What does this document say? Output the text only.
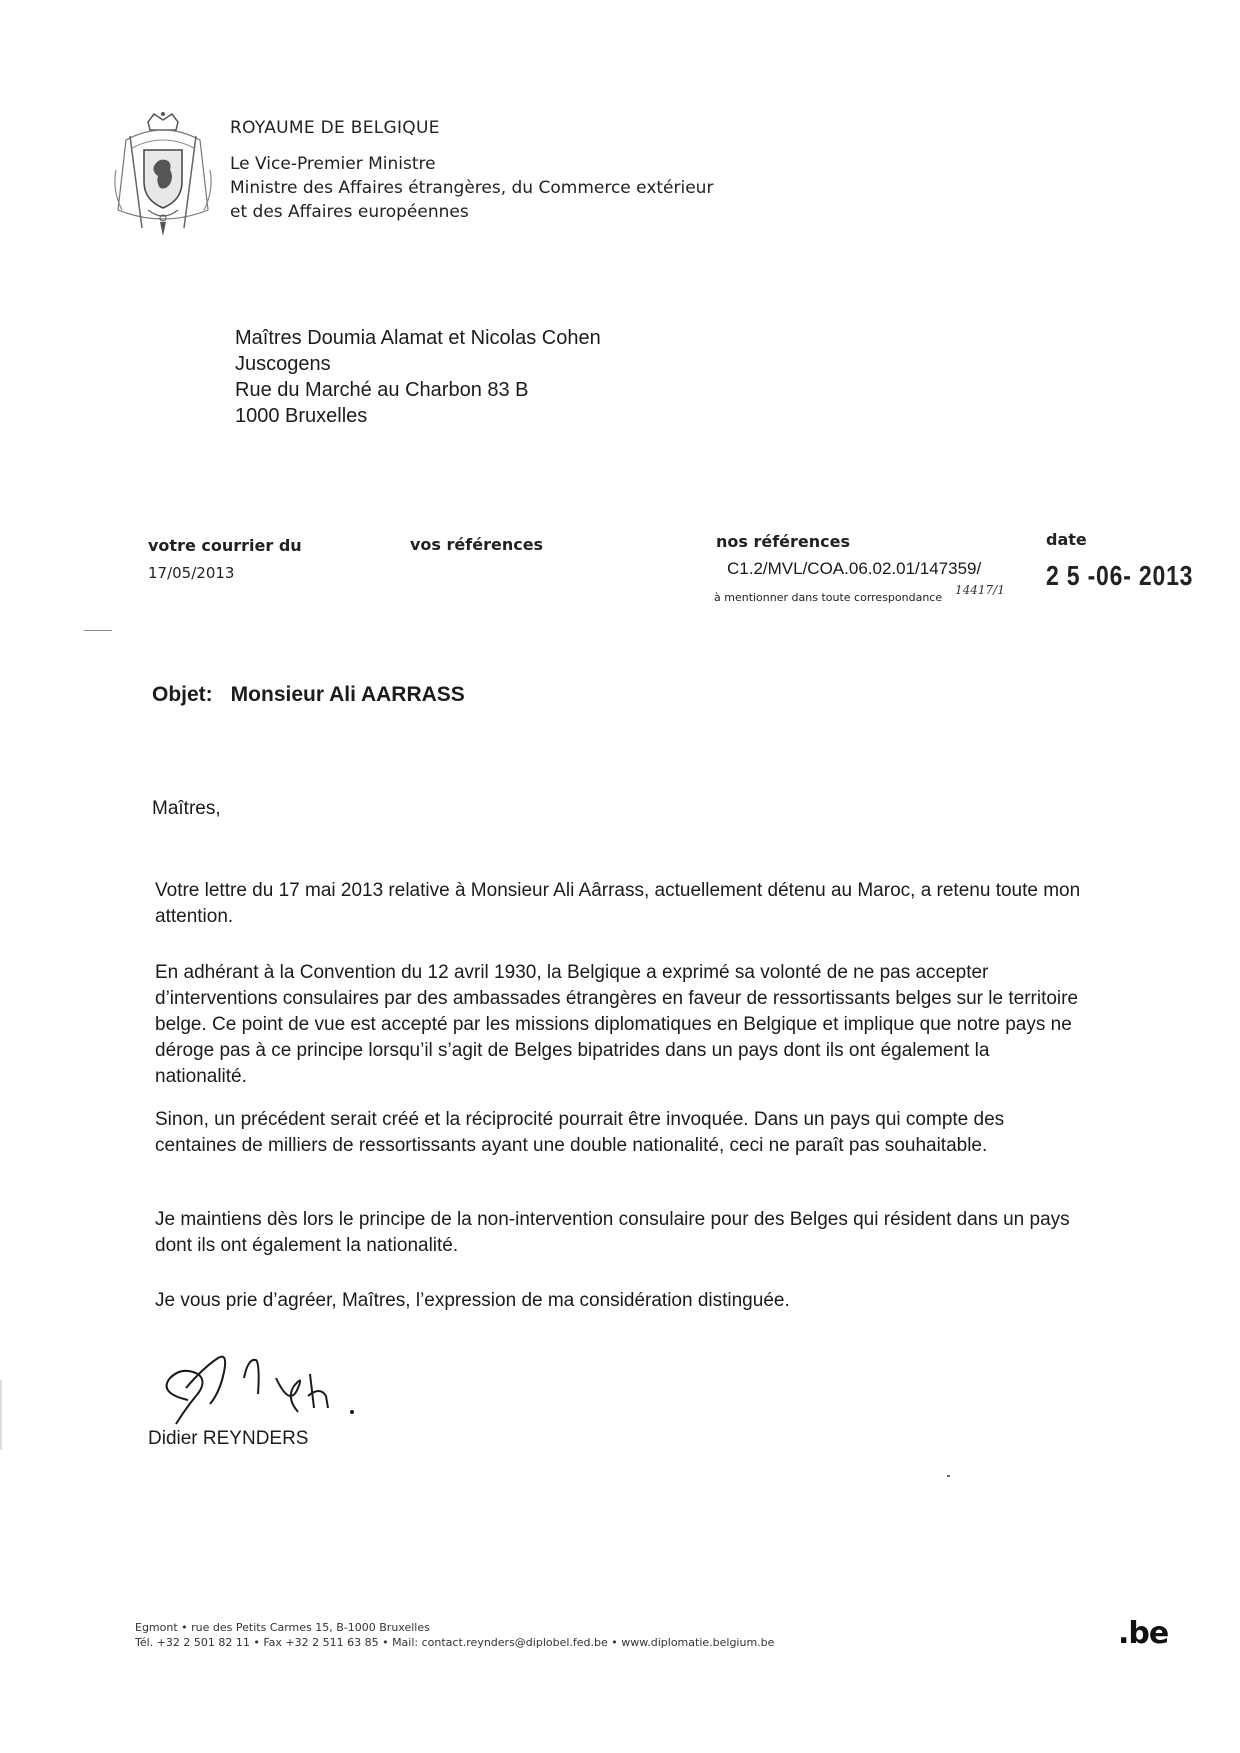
ROYAUME DE BELGIQUE
Le Vice-Premier Ministre
Ministre des Affaires étrangères, du Commerce extérieur
et des Affaires européennes
Maîtres Doumia Alamat et Nicolas Cohen
Juscogens
Rue du Marché au Charbon 83 B
1000 Bruxelles
votre courrier du
17/05/2013
vos références	nos références
C1.2/MVL/COA.06.02.01/147359/
14417/1
à mentionner dans toute correspondance
date
2 5 -06- 2013
Objet: Monsieur Ali AARRASS
Maîtres,
Votre lettre du 17 mai 2013 relative à Monsieur Ali Aârrass, actuellement détenu au Maroc, a retenu toute mon attention.
En adhérant à la Convention du 12 avril 1930, la Belgique a exprimé sa volonté de ne pas accepter d’interventions consulaires par des ambassades étrangères en faveur de ressortissants belges sur le territoire belge. Ce point de vue est accepté par les missions diplomatiques en Belgique et implique que notre pays ne déroge pas à ce principe lorsqu’il s’agit de Belges bipatrides dans un pays dont ils ont également la nationalité.
Sinon, un précédent serait créé et la réciprocité pourrait être invoquée. Dans un pays qui compte des centaines de milliers de ressortissants ayant une double nationalité, ceci ne paraît pas souhaitable.
Je maintiens dès lors le principe de la non-intervention consulaire pour des Belges qui résident dans un pays dont ils ont également la nationalité.
Je vous prie d’agréer, Maîtres, l’expression de ma considération distinguée.
Didier REYNDERS
Egmont • rue des Petits Carmes 15, B-1000 Bruxelles
Tél. +32 2 501 82 11 • Fax +32 2 511 63 85 • Mail: contact.reynders@diplobel.fed.be • www.diplomatie.belgium.be	.be
